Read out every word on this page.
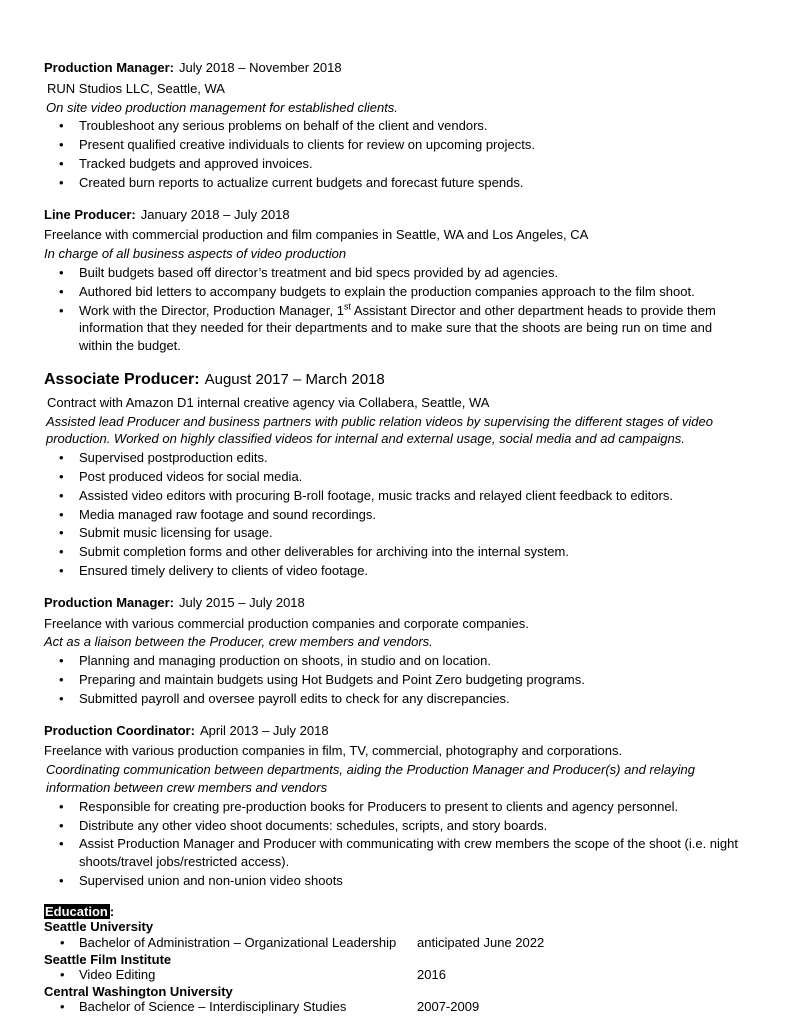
Production Manager: July 2018 – November 2018

RUN Studios LLC, Seattle, WA

On site video production management for established clients.

• Troubleshoot any serious problems on behalf of the client and vendors.
• Present qualified creative individuals to clients for review on upcoming projects.
• Tracked budgets and approved invoices.
• Created burn reports to actualize current budgets and forecast future spends.

Line Producer: January 2018 – July 2018

Freelance with commercial production and film companies in Seattle, WA and Los Angeles, CA

In charge of all business aspects of video production

• Built budgets based off director’s treatment and bid specs provided by ad agencies.
• Authored bid letters to accompany budgets to explain the production companies approach to the film shoot.
• Work with the Director, Production Manager, 1st Assistant Director and other department heads to provide them information that they needed for their departments and to make sure that the shoots are being run on time and within the budget.

Associate Producer: August 2017 – March 2018

Contract with Amazon D1 internal creative agency via Collabera, Seattle, WA

Assisted lead Producer and business partners with public relation videos by supervising the different stages of video production. Worked on highly classified videos for internal and external usage, social media and ad campaigns.

• Supervised postproduction edits.
• Post produced videos for social media.
• Assisted video editors with procuring B-roll footage, music tracks and relayed client feedback to editors.
• Media managed raw footage and sound recordings.
• Submit music licensing for usage.
• Submit completion forms and other deliverables for archiving into the internal system.
• Ensured timely delivery to clients of video footage.

Production Manager: July 2015 – July 2018

Freelance with various commercial production companies and corporate companies.

Act as a liaison between the Producer, crew members and vendors.

• Planning and managing production on shoots, in studio and on location.
• Preparing and maintain budgets using Hot Budgets and Point Zero budgeting programs.
• Submitted payroll and oversee payroll edits to check for any discrepancies.

Production Coordinator: April 2013 – July 2018

Freelance with various production companies in film, TV, commercial, photography and corporations.

Coordinating communication between departments, aiding the Production Manager and Producer(s) and relaying information between crew members and vendors

• Responsible for creating pre-production books for Producers to present to clients and agency personnel.
• Distribute any other video shoot documents: schedules, scripts, and story boards.
• Assist Production Manager and Producer with communicating with crew members the scope of the shoot (i.e. night shoots/travel jobs/restricted access).
• Supervised union and non-union video shoots

Education :

Seattle University

• Bachelor of Administration – Organizational Leadership	anticipated June 2022

Seattle Film Institute

• Video Editing	2016

Central Washington University

• Bachelor of Science – Interdisciplinary Studies	2007-2009
